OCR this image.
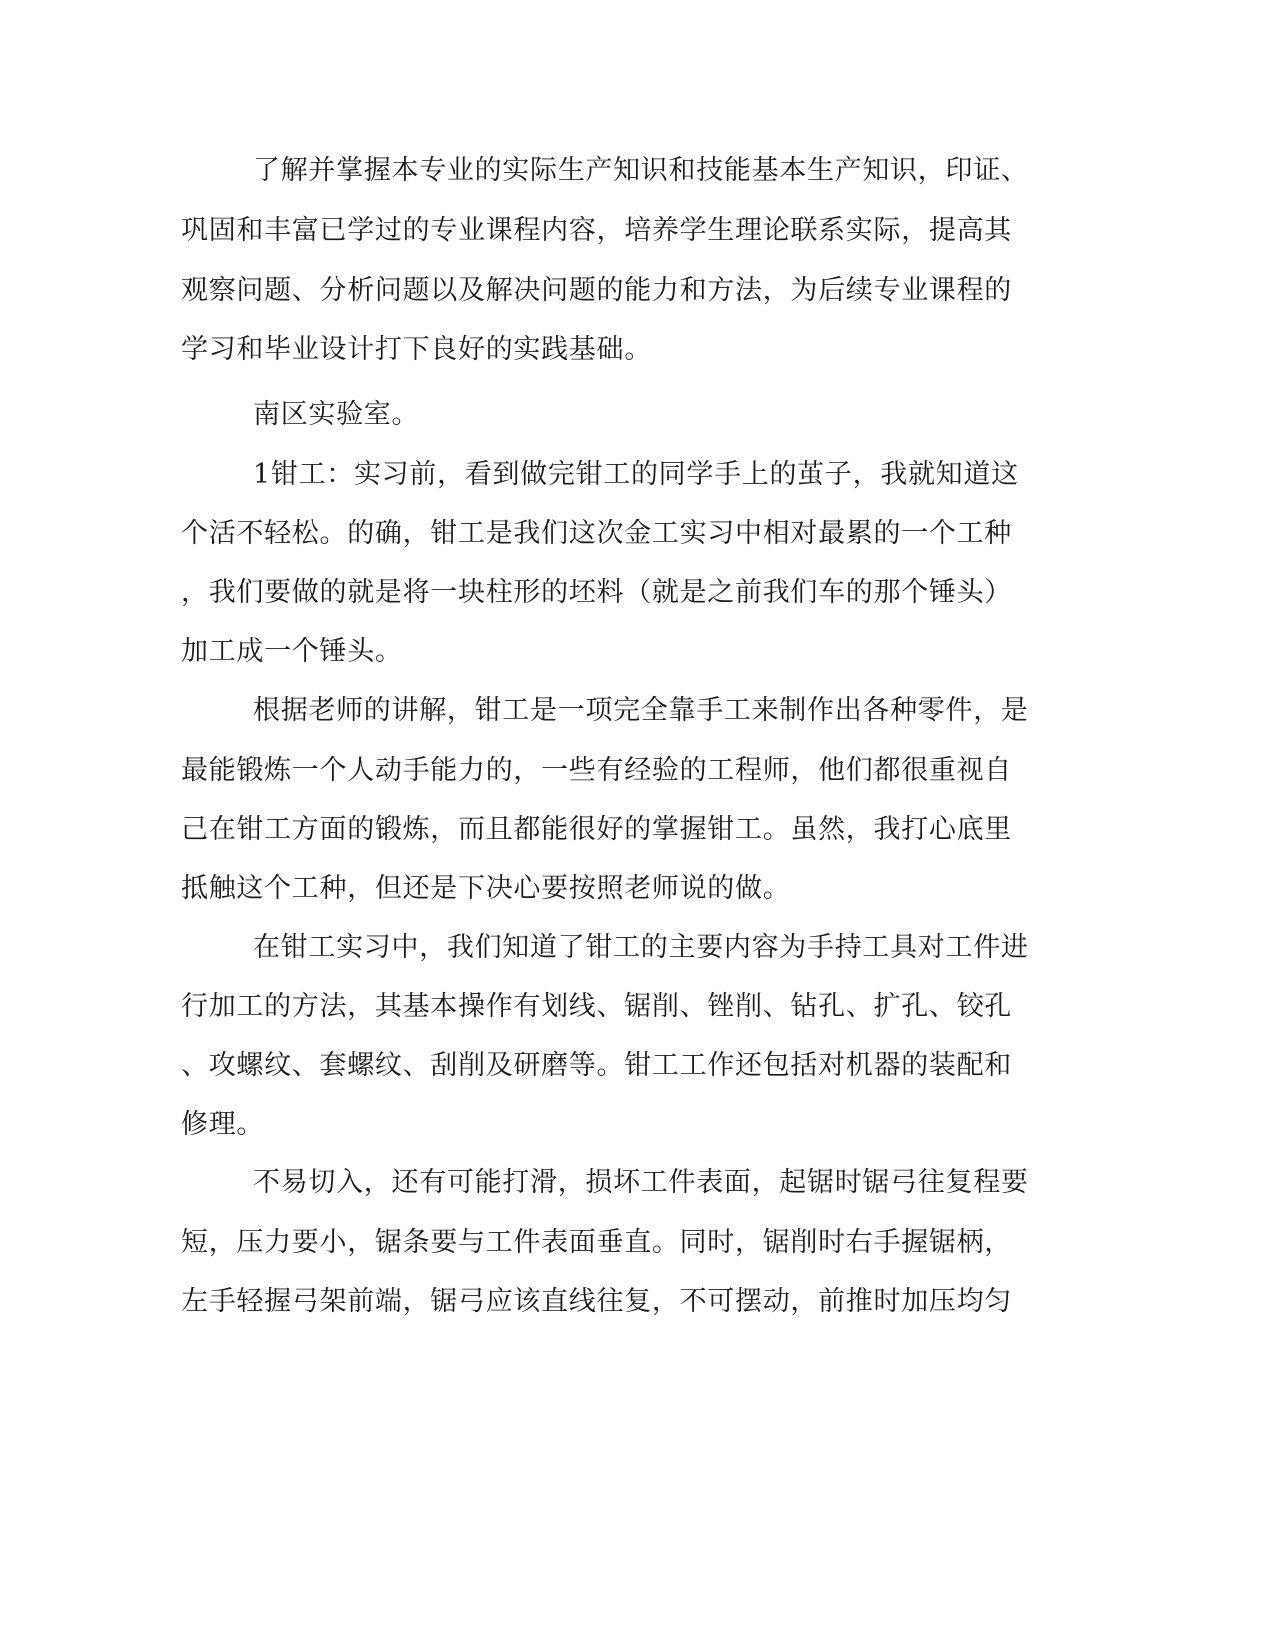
了解并掌握本专业的实际生产知识和技能基本生产知识，印证、
巩固和丰富已学过的专业课程内容，培养学生理论联系实际，提高其
观察问题、分析问题以及解决问题的能力和方法，为后续专业课程的
学习和毕业设计打下良好的实践基础。
南区实验室。
1钳工：实习前，看到做完钳工的同学手上的茧子，我就知道这
个活不轻松。的确，钳工是我们这次金工实习中相对最累的一个工种
，我们要做的就是将一块柱形的坯料（就是之前我们车的那个锤头）
加工成一个锤头。
根据老师的讲解，钳工是一项完全靠手工来制作出各种零件，是
最能锻炼一个人动手能力的，一些有经验的工程师，他们都很重视自
己在钳工方面的锻炼，而且都能很好的掌握钳工。虽然，我打心底里
抵触这个工种，但还是下决心要按照老师说的做。
在钳工实习中，我们知道了钳工的主要内容为手持工具对工件进
行加工的方法，其基本操作有划线、锯削、锉削、钻孔、扩孔、铰孔
、攻螺纹、套螺纹、刮削及研磨等。钳工工作还包括对机器的装配和
修理。
不易切入，还有可能打滑，损坏工件表面，起锯时锯弓往复程要
短，压力要小，锯条要与工件表面垂直。同时，锯削时右手握锯柄，
左手轻握弓架前端，锯弓应该直线往复，不可摆动，前推时加压均匀
